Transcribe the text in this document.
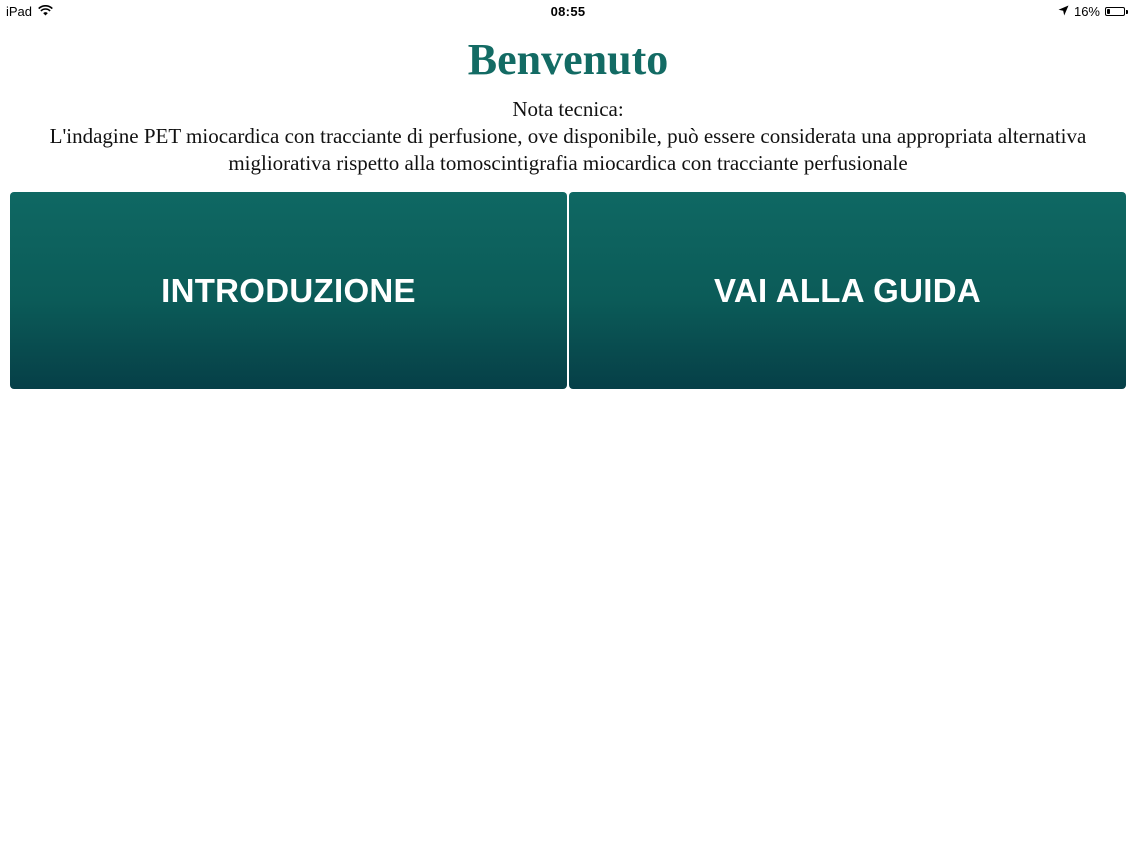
iPad	08:55	16%
Benvenuto
Nota tecnica:
L'indagine PET miocardica con tracciante di perfusione, ove disponibile, può essere considerata una appropriata alternativa migliorativa rispetto alla tomoscintigrafia miocardica con tracciante perfusionale
INTRODUZIONE	VAI ALLA GUIDA
